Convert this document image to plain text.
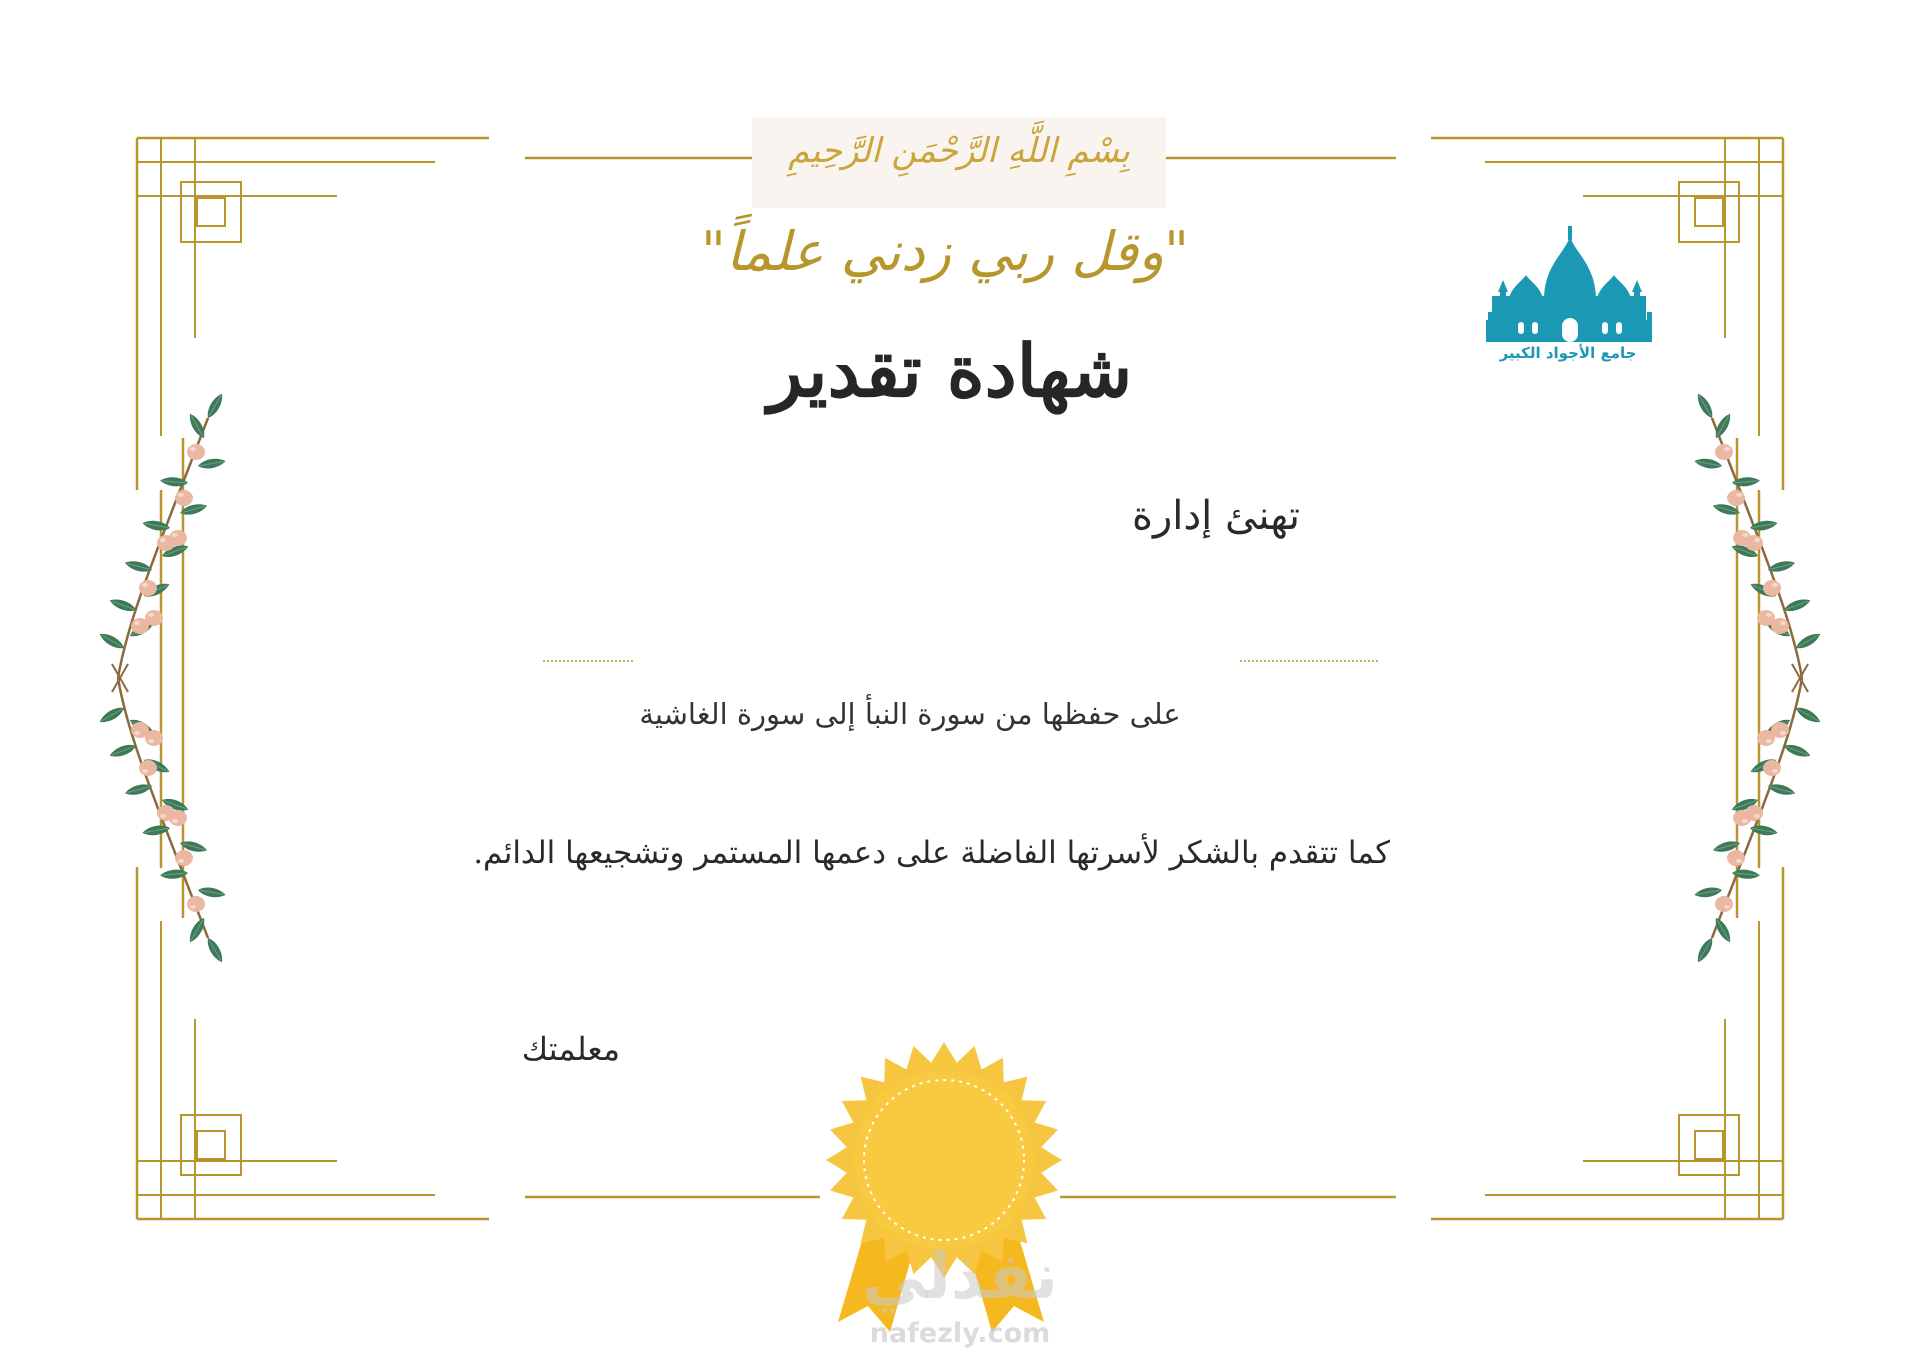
بِسْمِ اللَّهِ الرَّحْمَنِ الرَّحِيمِ
"وقل ربي زدني علماً"
شهادة تقدير
تهنئ إدارة
على حفظها من سورة النبأ إلى سورة الغاشية
كما تتقدم بالشكر لأسرتها الفاضلة على دعمها المستمر وتشجيعها الدائم.
معلمتك
جامع الأجواد الكبير
نفذلي
nafezly.com
